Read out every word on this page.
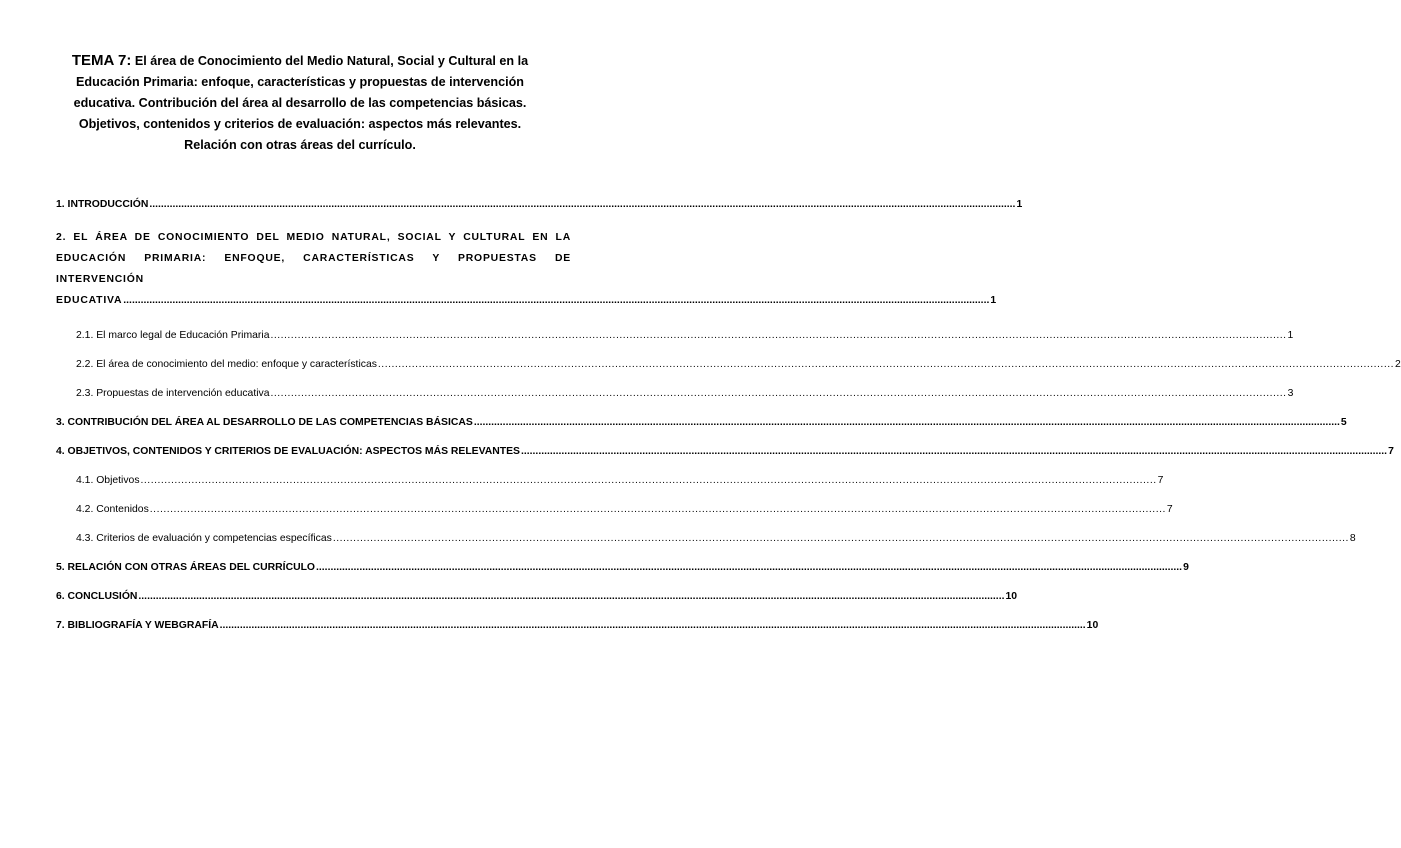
TEMA 7: El área de Conocimiento del Medio Natural, Social y Cultural en la Educación Primaria: enfoque, características y propuestas de intervención educativa. Contribución del área al desarrollo de las competencias básicas. Objetivos, contenidos y criterios de evaluación: aspectos más relevantes. Relación con otras áreas del currículo.
1. INTRODUCCIÓN ............................................................................................................................................................................................................................................................................................................ 1
2. EL ÁREA DE CONOCIMIENTO DEL MEDIO NATURAL, SOCIAL Y CULTURAL EN LA EDUCACIÓN PRIMARIA: ENFOQUE, CARACTERÍSTICAS Y PROPUESTAS DE INTERVENCIÓN
EDUCATIVA ............................................................................................................................................................................................................................................................................................................ 1
2.1. El marco legal de Educación Primaria ............................................................................................................................................................................................................................................................................................................ 1
2.2. El área de conocimiento del medio: enfoque y características ............................................................................................................................................................................................................................................................................................................ 2
2.3. Propuestas de intervención educativa ............................................................................................................................................................................................................................................................................................................ 3
3. CONTRIBUCIÓN DEL ÁREA AL DESARROLLO DE LAS COMPETENCIAS BÁSICAS ............................................................................................................................................................................................................................................................................................................ 5
4. OBJETIVOS, CONTENIDOS Y CRITERIOS DE EVALUACIÓN: ASPECTOS MÁS RELEVANTES ............................................................................................................................................................................................................................................................................................................ 7
4.1. Objetivos ............................................................................................................................................................................................................................................................................................................ 7
4.2. Contenidos ............................................................................................................................................................................................................................................................................................................ 7
4.3. Criterios de evaluación y competencias específicas ............................................................................................................................................................................................................................................................................................................ 8
5. RELACIÓN CON OTRAS ÁREAS DEL CURRÍCULO ............................................................................................................................................................................................................................................................................................................ 9
6. CONCLUSIÓN ............................................................................................................................................................................................................................................................................................................ 10
7. BIBLIOGRAFÍA Y WEBGRAFÍA ............................................................................................................................................................................................................................................................................................................ 10
